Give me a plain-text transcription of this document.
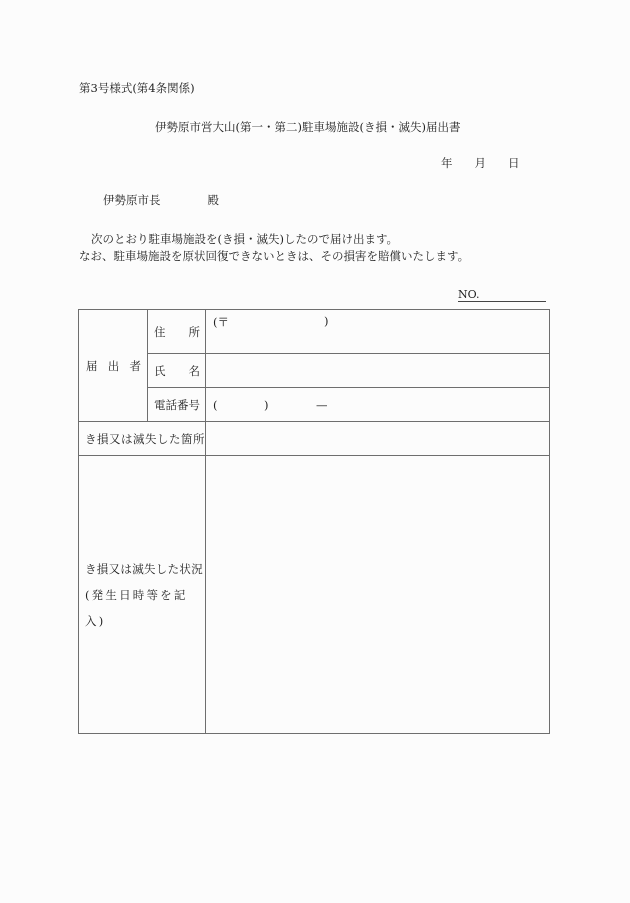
第3号様式(第4条関係)
伊勢原市営大山(第一・第二)駐車場施設(き損・滅失)届出書
年 月 日
伊勢原市長	殿
次のとおり駐車場施設を(き損・滅失)したので届け出ます。
なお、駐車場施設を原状回復できないときは、その損害を賠償いたします。
NO.
届 出 者	住 所	(〒 )

	氏 名	

	電話番号	( ) —

き損又は滅失した箇所		

き損又は滅失した状況
(発生日時等を記入)		
